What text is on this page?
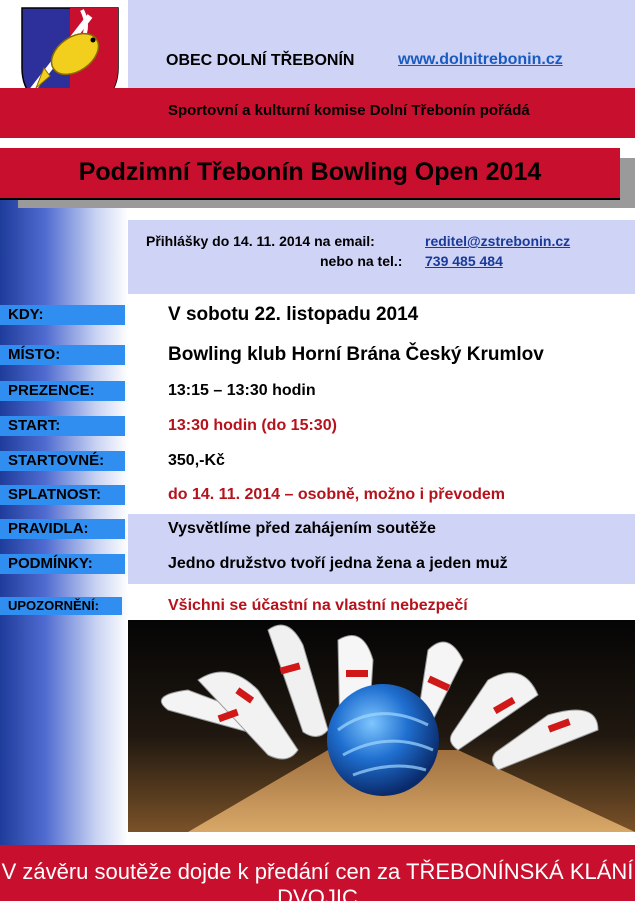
OBEC DOLNÍ TŘEBONÍN	www.dolnitrebonin.cz
Sportovní a kulturní komise Dolní Třebonín pořádá
Podzimní Třebonín Bowling Open 2014
Přihlášky do 14. 11. 2014 na email:	reditel@zstrebonin.cz
nebo na tel.: 739 485 484
KDY:
MÍSTO:
PREZENCE:
START:
STARTOVNÉ:
SPLATNOST:
PRAVIDLA:
PODMÍNKY:
UPOZORNĚNÍ:
V sobotu 22. listopadu 2014
Bowling klub Horní Brána Český Krumlov
13:15 – 13:30 hodin
13:30 hodin (do 15:30)
350,-Kč
do 14. 11. 2014 – osobně, možno i převodem
Vysvětlíme před zahájením soutěže
Jedno družstvo tvoří jedna žena a jeden muž
Všichni se účastní na vlastní nebezpečí
V závěru soutěže dojde k předání cen za TŘEBONÍNSKÁ KLÁNÍ DVOJIC
